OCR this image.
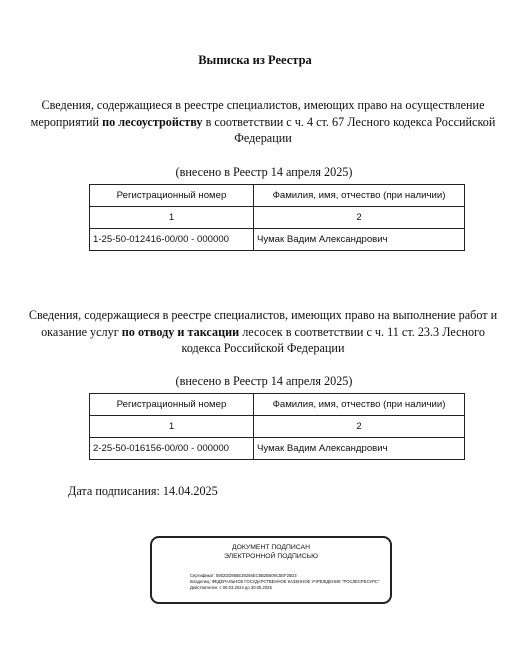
Выписка из Реестра
Сведения, содержащиеся в реестре специалистов, имеющих право на осуществление мероприятий по лесоустройству в соответствии с ч. 4 ст. 67 Лесного кодекса Российской Федерации
(внесено в Реестр 14 апреля 2025)
Регистрационный номер	Фамилия, имя, отчество (при наличии)
1	2
1-25-50-012416-00/00 - 000000	Чумак Вадим Александрович
Сведения, содержащиеся в реестре специалистов, имеющих право на выполнение работ и оказание услуг по отводу и таксации лесосек в соответствии с ч. 11 ст. 23.3 Лесного кодекса Российской Федерации
(внесено в Реестр 14 апреля 2025)
Регистрационный номер	Фамилия, имя, отчество (при наличии)
1	2
2-25-50-016156-00/00 - 000000	Чумак Вадим Александрович
Дата подписания: 14.04.2025
ДОКУМЕНТ ПОДПИСАН
ЭЛЕКТРОННОЙ ПОДПИСЬЮ
Сертификат: 5802DD855E38256EC8B2B609C5EF25D3
Владелец: ФЕДЕРАЛЬНОЕ ГОСУДАРСТВЕННОЕ КАЗЕННОЕ УЧРЕЖДЕНИЕ "РОСЛЕСРЕСУРС"
Действителен: с 06.03.2024 до 30.05.2025
